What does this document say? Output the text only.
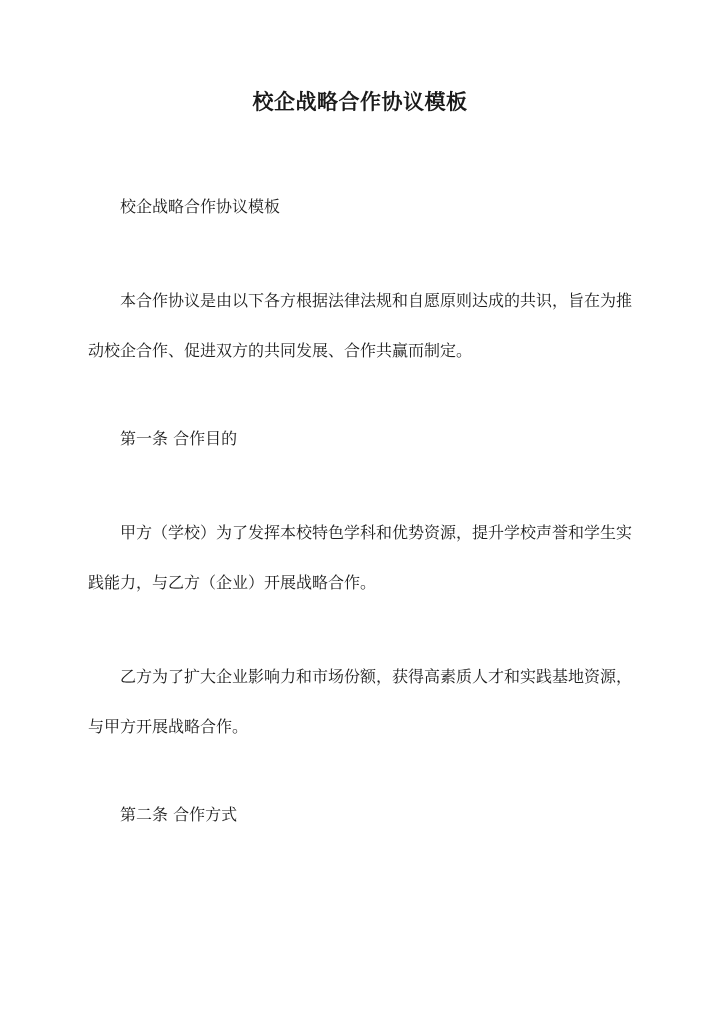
校企战略合作协议模板

校企战略合作协议模板

本合作协议是由以下各方根据法律法规和自愿原则达成的共识，旨在为推动校企合作、促进双方的共同发展、合作共赢而制定。

第一条 合作目的

甲方（学校）为了发挥本校特色学科和优势资源，提升学校声誉和学生实践能力，与乙方（企业）开展战略合作。

乙方为了扩大企业影响力和市场份额，获得高素质人才和实践基地资源，与甲方开展战略合作。

第二条 合作方式
